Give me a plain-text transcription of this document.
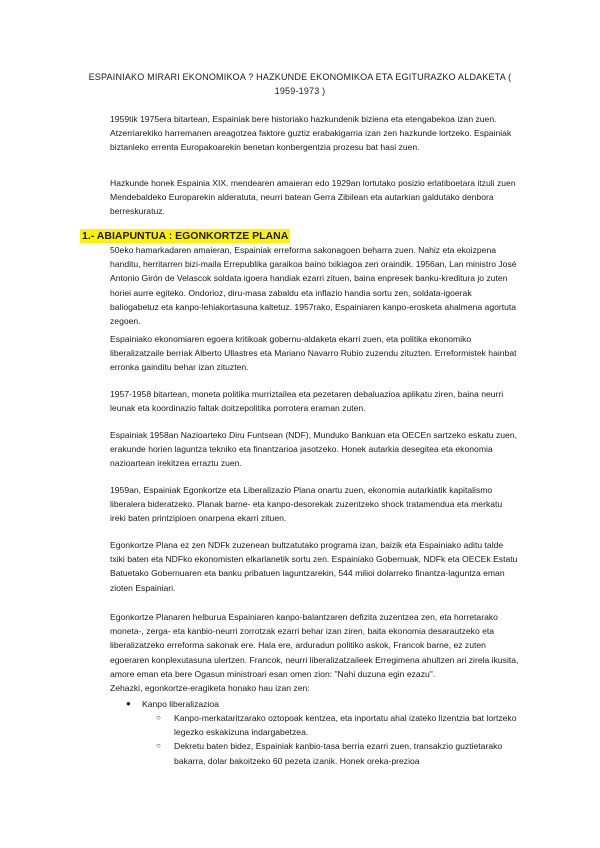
ESPAINIAKO MIRARI EKONOMIKOA ? HAZKUNDE EKONOMIKOA ETA EGITURAZKO ALDAKETA ( 1959-1973 )

1959tik 1975era bitartean, Espainiak bere historiako hazkundenik biziena eta etengabekoa izan zuen. Atzerriarekiko harremanen areagotzea faktore guztiz erabakigarria izan zen hazkunde lortzeko. Espainiak biztanleko errenta Europakoarekin benetan konbergentzia prozesu bat hasi zuen.

Hazkunde honek Espainia XIX. mendearen amaieran edo 1929an lortutako posizio erlatiboetara itzuli zuen Mendebaldeko Europarekin alderatuta, neurri batean Gerra Zibilean eta autarkian galdutako denbora berreskuratuz.

1.- ABIAPUNTUA : EGONKORTZE PLANA

50eko hamarkadaren amaieran, Espainiak erreforma sakonagoen beharra zuen. Nahiz eta ekoizpena handitu, herritarren bizi-maila Errepublika garaikoa baino txikiagoa zen oraindik. 1956an, Lan ministro José Antonio Girón de Velascok soldata igoera handiak ezarri zituen, baina enpresek banku-kreditura jo zuten horiei aurre egiteko. Ondorioz, diru-masa zabaldu eta inflazio handia sortu zen, soldata-igoerak baliogabetuz eta kanpo-lehiakortasuna kaltetuz. 1957rako, Espainiaren kanpo-erosketa ahalmena agortuta zegoen.

Espainiako ekonomiaren egoera kritikoak gobernu-aldaketa ekarri zuen, eta politika ekonomiko liberalizatzaile berriak Alberto Ullastres eta Mariano Navarro Rubio zuzendu zituzten. Erreformistek hainbat erronka gainditu behar izan zituzten.

1957-1958 bitartean, moneta politika murriztailea eta pezetaren debaluazioa aplikatu ziren, baina neurri leunak eta koordinazio faltak doitzepolitika porrotera eraman zuten.

Espainiak 1958an Nazioarteko Diru Funtsean (NDF), Munduko Bankuan eta OECEn sartzeko eskatu zuen, erakunde horien laguntza tekniko eta finantzarioa jasotzeko. Honek autarkia desegitea eta ekonomia nazioartean irekitzea erraztu zuen.

1959an, Espainiak Egonkortze eta Liberalizazio Plana onartu zuen, ekonomia autarkiatik kapitalismo liberalera bideratzeko. Planak barne- eta kanpo-desorekak zuzentzeko shock tratamendua eta merkatu ireki baten printzipioen onarpena ekarri zituen.

Egonkortze Plana ez zen NDFk zuzenean bultzatutako programa izan, baizik eta Espainiako aditu talde txiki baten eta NDFko ekonomisten elkarlanetik sortu zen. Espainiako Gobernuak, NDFk eta OECEk Estatu Batuetako Gobernuaren eta banku pribatuen laguntzarekin, 544 milioi dolarreko finantza-laguntza eman zioten Espainiari.

Egonkortze Planaren helburua Espainiaren kanpo-balantzaren defizita zuzentzea zen, eta horretarako moneta-, zerga- eta kanbio-neurri zorrotzak ezarri behar izan ziren, baita ekonomia desarautzeko eta liberalizatzeko erreforma sakonak ere. Hala ere, arduradun politiko askok, Francok barne, ez zuten egoeraren konplexutasuna ulertzen. Francok, neurri liberalizatzaileek Erregimena ahultzen ari zirela ikusita, amore eman eta bere Ogasun ministroari esan omen zion: "Nahi duzuna egin ezazu".

Zehazki, egonkortze-eragiketa honako hau izan zen:

● Kanpo liberalizazioa
○ Kanpo-merkataritzarako oztopoak kentzea, eta inportatu ahal izateko lizentzia bat lortzeko legezko eskakizuna indargabetzea.
○ Dekretu baten bidez, Espainiak kanbio-tasa berria ezarri zuen, transakzio guztietarako bakarra, dolar bakoitzeko 60 pezeta izanik. Honek oreka-prezioa
